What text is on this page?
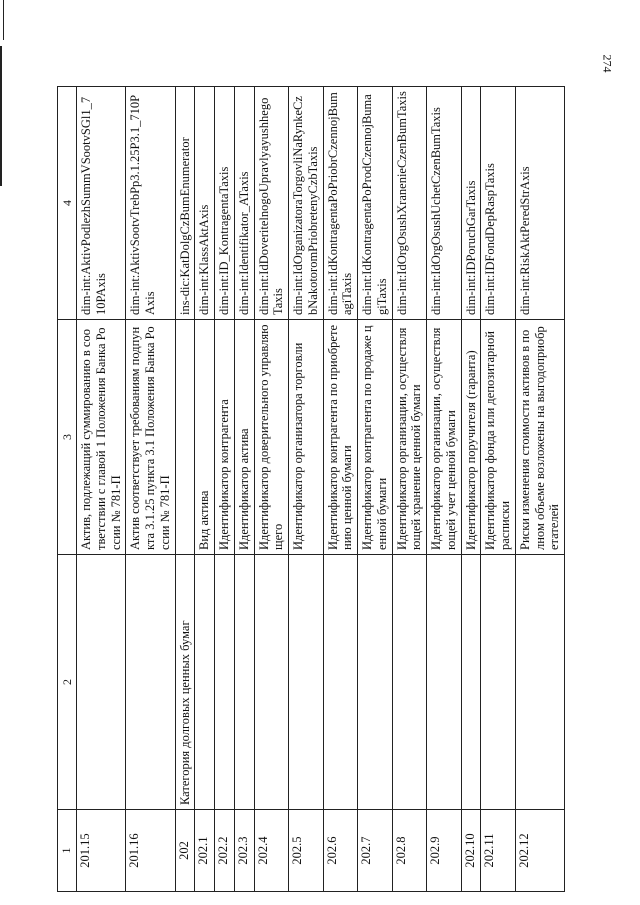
274
1	2	3	4
201.15		Актив, подлежащий суммированию в соответствии с главой 1 Положения Банка России № 781-П	dim-int:AktivPodlezhSummVSootvSGl1_710PAxis
201.16		Актив соответствует требованиям подпункта 3.1.25 пункта 3.1 Положения Банка России № 781-П	dim-int:AktivSootvTrebPp3.1.25P3.1_710PAxis
202	Категория долговых ценных бумаг		ins-dic:KatDolgCzBumEnumerator
202.1		Вид актива	dim-int:KlassAktAxis
202.2		Идентификатор контрагента	dim-int:ID_KontragentaTaxis
202.3		Идентификатор актива	dim-int:Identifikator_ATaxis
202.4		Идентификатор доверительного управляющего	dim-int:IdDoveritelnogoUpravlyayushhegoTaxis
202.5		Идентификатор организатора торговли	dim-int:IdOrganizatoraTorgovliNaRynkeCzbNakotoromPriobretenyCzbTaxis
202.6		Идентификатор контрагента по приобретению ценной бумаги	dim-int:IdKontragentaPoPriobrCzennojBumagiTaxis
202.7		Идентификатор контрагента по продаже ценной бумаги	dim-int:IdKontragentaPoProdCzennojBumagiTaxis
202.8		Идентификатор организации, осуществляющей хранение ценной бумаги	dim-int:IdOrgOsushXranenieCzenBumTaxis
202.9		Идентификатор организации, осуществляющей учет ценной бумаги	dim-int:IdOrgOsushUchetCzenBumTaxis
202.10		Идентификатор поручителя (гаранта)	dim-int:IDPoruchGarTaxis
202.11		Идентификатор фонда или депозитарной расписки	dim-int:IDFondDepRaspTaxis
202.12		Риски изменения стоимости активов в полном объеме возложены на выгодоприобретателей	dim-int:RiskAktPeredStrAxis
